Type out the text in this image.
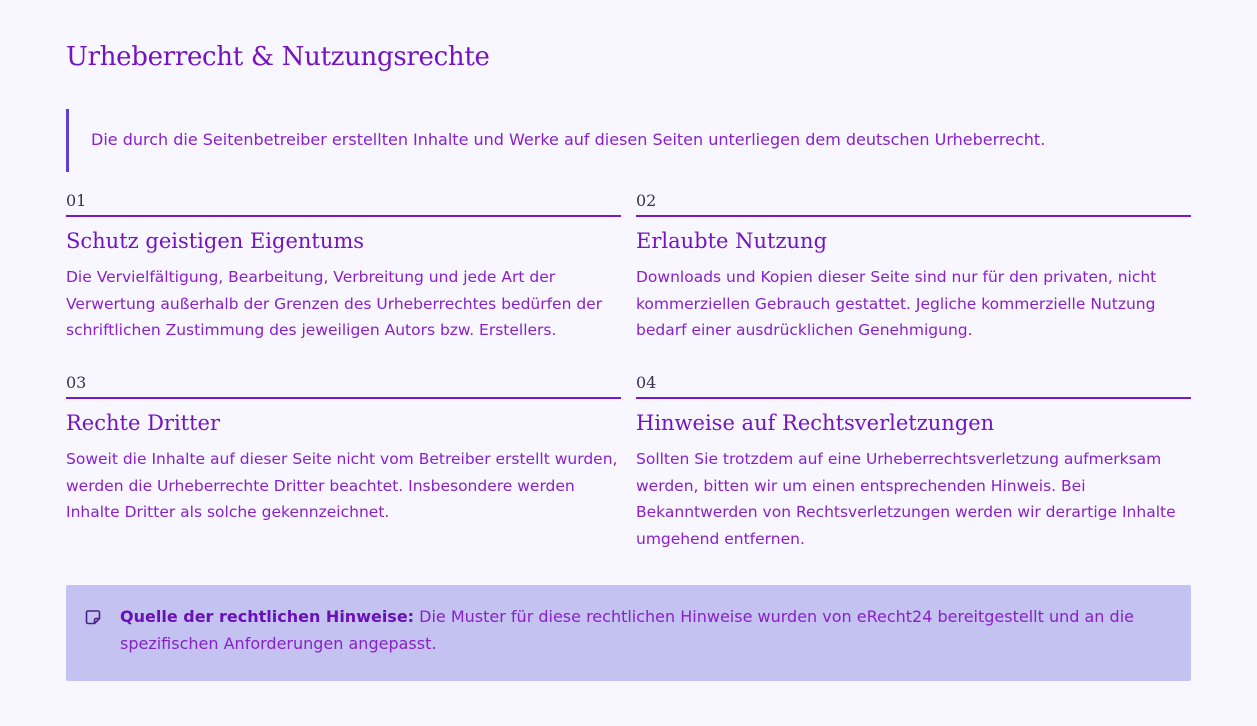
Urheberrecht & Nutzungsrechte

Die durch die Seitenbetreiber erstellten Inhalte und Werke auf diesen Seiten unterliegen dem deutschen Urheberrecht.

01
Schutz geistigen Eigentums

Die Vervielfältigung, Bearbeitung, Verbreitung und jede Art der Verwertung außerhalb der Grenzen des Urheberrechtes bedürfen der schriftlichen Zustimmung des jeweiligen Autors bzw. Erstellers.

02
Erlaubte Nutzung

Downloads und Kopien dieser Seite sind nur für den privaten, nicht kommerziellen Gebrauch gestattet. Jegliche kommerzielle Nutzung bedarf einer ausdrücklichen Genehmigung.

03
Rechte Dritter

Soweit die Inhalte auf dieser Seite nicht vom Betreiber erstellt wurden, werden die Urheberrechte Dritter beachtet. Insbesondere werden Inhalte Dritter als solche gekennzeichnet.

04
Hinweise auf Rechtsverletzungen

Sollten Sie trotzdem auf eine Urheberrechtsverletzung aufmerksam werden, bitten wir um einen entsprechenden Hinweis. Bei Bekanntwerden von Rechtsverletzungen werden wir derartige Inhalte umgehend entfernen.

Quelle der rechtlichen Hinweise: Die Muster für diese rechtlichen Hinweise wurden von eRecht24 bereitgestellt und an die spezifischen Anforderungen angepasst.
